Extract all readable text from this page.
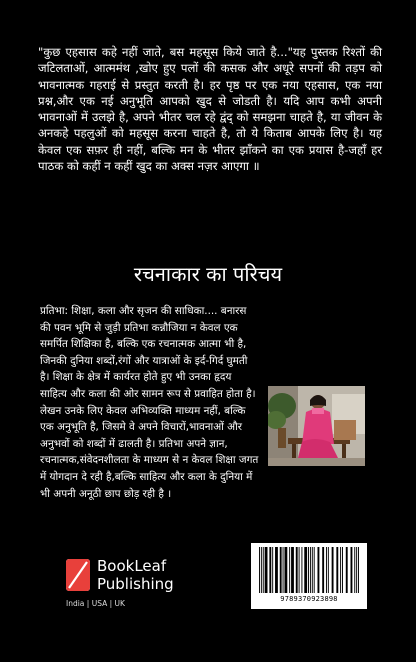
"कुछ एहसास कहे नहीं जाते, बस महसूस किये जाते है..."यह पुस्तक रिश्तों की जटिलताओं, आत्ममंथ ,खोए हुए पलों की कसक और अधूरे सपनों की तड़प को भावनात्मक गहराई से प्रस्तुत करती है। हर पृष्ठ पर एक नया एहसास, एक नया प्रश्न,और एक नई अनुभूति आपको खुद से जोडती है। यदि आप कभी अपनी भावनाओं में उलझे है, अपने भीतर चल रहे द्वंद् को समझना चाहते है, या जीवन के अनकहे पहलुओं को महसूस करना चाहते है, तो ये किताब आपके लिए है। यह केवल एक सफ़र ही नहीं, बल्कि मन के भीतर झाँकने का एक प्रयास है-जहाँ हर पाठक को कहीं न कहीं खुद का अक्स नज़र आएगा ॥

रचनाकार का परिचय

प्रतिभा: शिक्षा, कला और सृजन की साधिका.... बनारस की पवन भूमि से जुड़ी प्रतिभा कन्नौजिया न केवल एक समर्पित शिक्षिका है, बल्कि एक रचनात्मक आत्मा भी है, जिनकी दुनिया शब्दों,रंगों और यात्राओं के इर्द-गिर्द घुमती है। शिक्षा के क्षेत्र में कार्यरत होते हुए भी उनका हृदय साहित्य और कला की ओर सामन रूप से प्रवाहित होता है। लेखन उनके लिए केवल अभिव्यक्ति माध्यम नहीं, बल्कि एक अनुभूति है, जिसमे वे अपने विचारों,भावनाओं और अनुभवों को शब्दों में ढालती है। प्रतिभा अपने ज्ञान, रचनात्मक,संवेदनशीलता के माध्यम से न केवल शिक्षा जगत में योगदान दे रही है,बल्कि साहित्य और कला के दुनिया में भी अपनी अनूठी छाप छोड़ रही है ।

BookLeaf
Publishing
India | USA | UK	9789370923898
